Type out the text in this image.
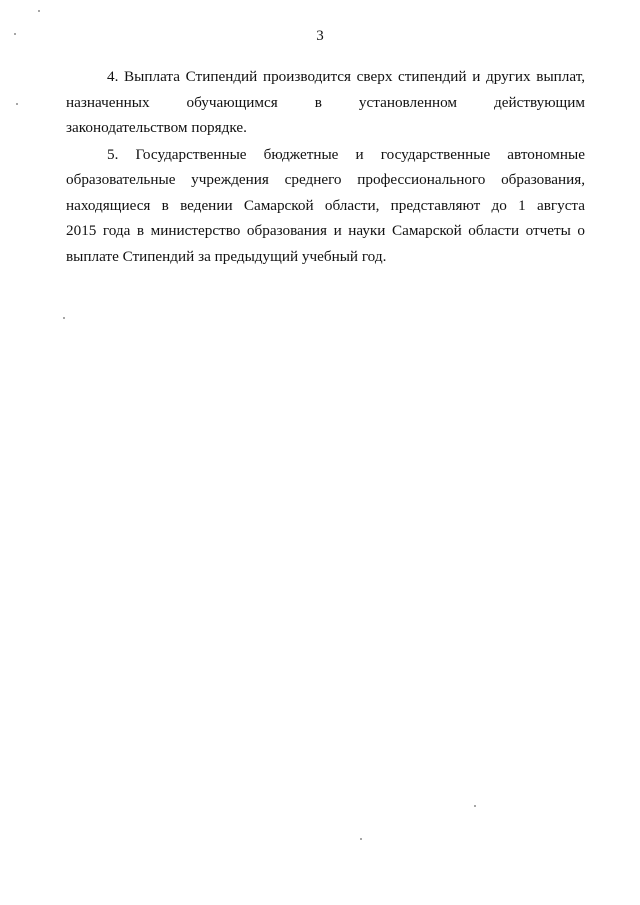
3
4. Выплата Стипендий производится сверх стипендий и других выплат,
назначенных обучающимся в установленном действующим
законодательством порядке.
5. Государственные бюджетные и государственные автономные
образовательные учреждения среднего профессионального образования,
находящиеся в ведении Самарской области, представляют до 1 августа
2015 года в министерство образования и науки Самарской области отчеты о
выплате Стипендий за предыдущий учебный год.
